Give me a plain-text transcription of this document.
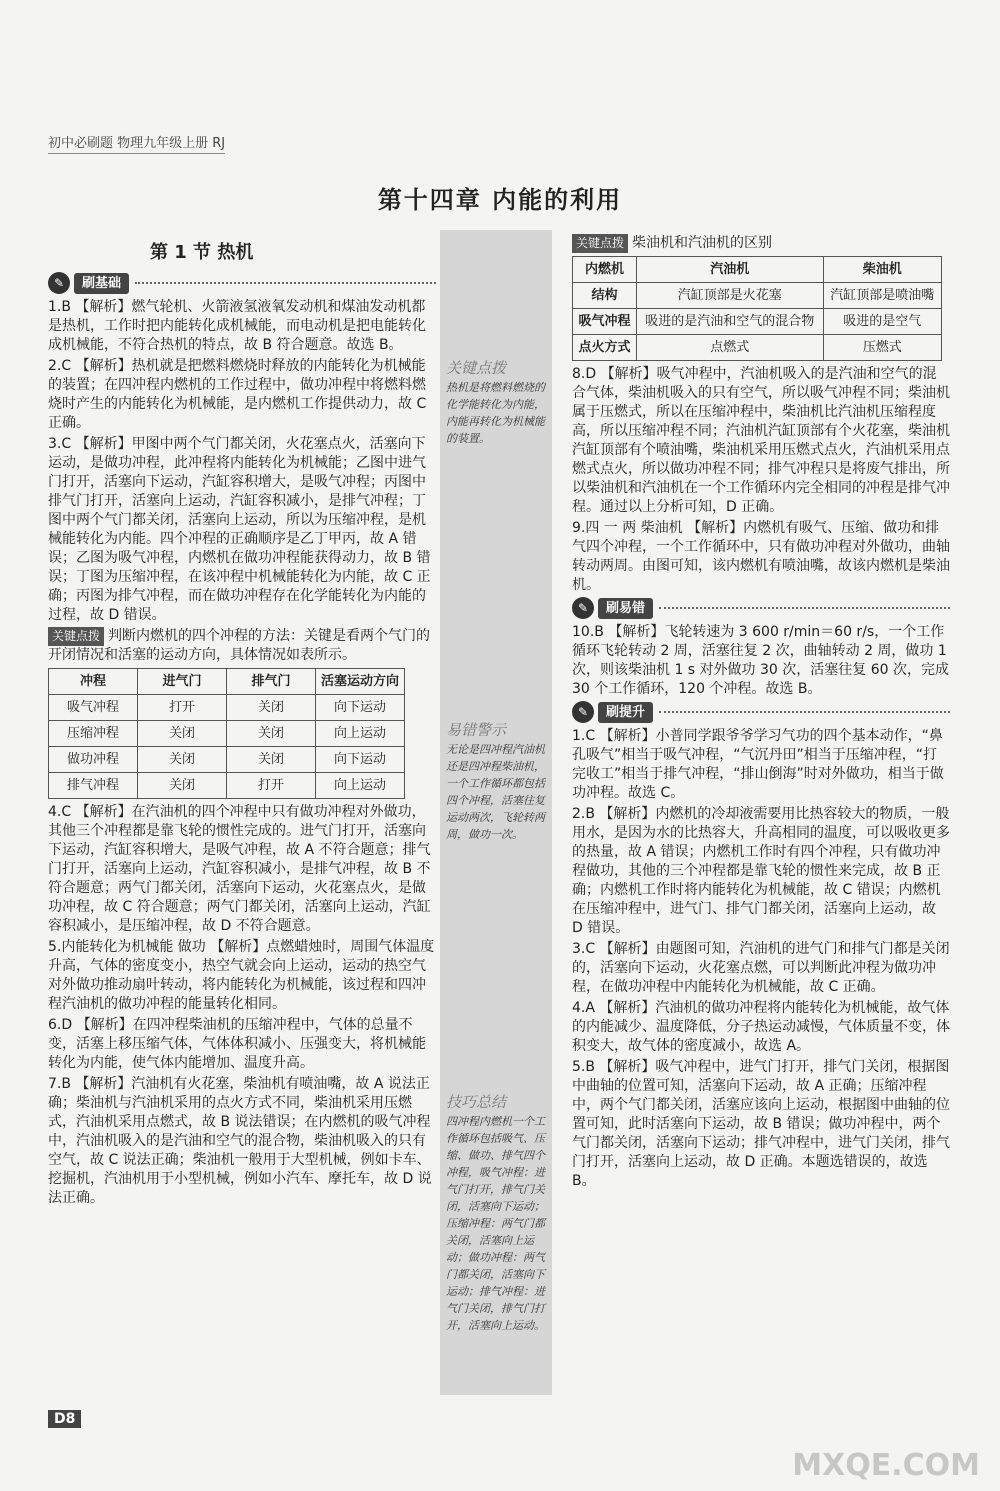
初中必刷题 物理九年级上册 RJ
第十四章 内能的利用
第 1 节 热机
关键点拨
热机是将燃料燃烧的化学能转化为内能，内能再转化为机械能的装置。
易错警示
无论是四冲程汽油机还是四冲程柴油机，一个工作循环都包括四个冲程，活塞往复运动两次，飞轮转两周，做功一次。
技巧总结
四冲程内燃机一个工作循环包括吸气、压缩、做功、排气四个冲程，吸气冲程：进气门打开，排气门关闭，活塞向下运动；压缩冲程：两气门都关闭，活塞向上运动；做功冲程：两气门都关闭，活塞向下运动；排气冲程：进气门关闭，排气门打开，活塞向上运动。
✎	刷基础
1.B 【解析】燃气轮机、火箭液氢液氧发动机和煤油发动机都是热机，工作时把内能转化成机械能，而电动机是把电能转化成机械能，不符合热机的特点，故 B 符合题意。故选 B。
2.C 【解析】热机就是把燃料燃烧时释放的内能转化为机械能的装置；在四冲程内燃机的工作过程中，做功冲程中将燃料燃烧时产生的内能转化为机械能，是内燃机工作提供动力，故 C 正确。
3.C 【解析】甲图中两个气门都关闭，火花塞点火，活塞向下运动，是做功冲程，此冲程将内能转化为机械能；乙图中进气门打开，活塞向下运动，汽缸容积增大，是吸气冲程；丙图中排气门打开，活塞向上运动，汽缸容积减小，是排气冲程；丁图中两个气门都关闭，活塞向上运动，所以为压缩冲程，是机械能转化为内能。四个冲程的正确顺序是乙丁甲丙，故 A 错误；乙图为吸气冲程，内燃机在做功冲程能获得动力，故 B 错误；丁图为压缩冲程，在该冲程中机械能转化为内能，故 C 正确；丙图为排气冲程，而在做功冲程存在化学能转化为内能的过程，故 D 错误。
关键点拨 判断内燃机的四个冲程的方法：关键是看两个气门的开闭情况和活塞的运动方向，具体情况如表所示。
冲程	进气门	排气门	活塞运动方向
吸气冲程	打开	关闭	向下运动
压缩冲程	关闭	关闭	向上运动
做功冲程	关闭	关闭	向下运动
排气冲程	关闭	打开	向上运动
4.C 【解析】在汽油机的四个冲程中只有做功冲程对外做功，其他三个冲程都是靠飞轮的惯性完成的。进气门打开，活塞向下运动，汽缸容积增大，是吸气冲程，故 A 不符合题意；排气门打开，活塞向上运动，汽缸容积减小，是排气冲程，故 B 不符合题意；两气门都关闭，活塞向下运动，火花塞点火，是做功冲程，故 C 符合题意；两气门都关闭，活塞向上运动，汽缸容积减小，是压缩冲程，故 D 不符合题意。
5.内能转化为机械能 做功 【解析】点燃蜡烛时，周围气体温度升高，气体的密度变小，热空气就会向上运动，运动的热空气对外做功推动扇叶转动，将内能转化为机械能，该过程和四冲程汽油机的做功冲程的能量转化相同。
6.D 【解析】在四冲程柴油机的压缩冲程中，气体的总量不变，活塞上移压缩气体，气体体积减小、压强变大，将机械能转化为内能，使气体内能增加、温度升高。
7.B 【解析】汽油机有火花塞，柴油机有喷油嘴，故 A 说法正确；柴油机与汽油机采用的点火方式不同，柴油机采用压燃式，汽油机采用点燃式，故 B 说法错误；在内燃机的吸气冲程中，汽油机吸入的是汽油和空气的混合物，柴油机吸入的只有空气，故 C 说法正确；柴油机一般用于大型机械，例如卡车、挖掘机，汽油机用于小型机械，例如小汽车、摩托车，故 D 说法正确。
关键点拨 柴油机和汽油机的区别
内燃机	汽油机	柴油机
结构	汽缸顶部是火花塞	汽缸顶部是喷油嘴
吸气冲程	吸进的是汽油和空气的混合物	吸进的是空气
点火方式	点燃式	压燃式
8.D 【解析】吸气冲程中，汽油机吸入的是汽油和空气的混合气体，柴油机吸入的只有空气，所以吸气冲程不同；柴油机属于压燃式，所以在压缩冲程中，柴油机比汽油机压缩程度高，所以压缩冲程不同；汽油机汽缸顶部有个火花塞，柴油机汽缸顶部有个喷油嘴，柴油机采用压燃式点火，汽油机采用点燃式点火，所以做功冲程不同；排气冲程只是将废气排出，所以柴油机和汽油机在一个工作循环内完全相同的冲程是排气冲程。通过以上分析可知，D 正确。
9.四 一 两 柴油机 【解析】内燃机有吸气、压缩、做功和排气四个冲程，一个工作循环中，只有做功冲程对外做功，曲轴转动两周。由图可知，该内燃机有喷油嘴，故该内燃机是柴油机。
✎	刷易错
10.B 【解析】飞轮转速为 3 600 r/min＝60 r/s，一个工作循环飞轮转动 2 周，活塞往复 2 次，曲轴转动 2 周，做功 1 次，则该柴油机 1 s 对外做功 30 次，活塞往复 60 次，完成 30 个工作循环，120 个冲程。故选 B。
✎	刷提升
1.C 【解析】小普同学跟爷爷学习气功的四个基本动作，“鼻孔吸气”相当于吸气冲程，“气沉丹田”相当于压缩冲程，“打完收工”相当于排气冲程，“排山倒海”时对外做功，相当于做功冲程。故选 C。
2.B 【解析】内燃机的冷却液需要用比热容较大的物质，一般用水，是因为水的比热容大，升高相同的温度，可以吸收更多的热量，故 A 错误；内燃机工作时有四个冲程，只有做功冲程做功，其他的三个冲程都是靠飞轮的惯性来完成，故 B 正确；内燃机工作时将内能转化为机械能，故 C 错误；内燃机在压缩冲程中，进气门、排气门都关闭，活塞向上运动，故 D 错误。
3.C 【解析】由题图可知，汽油机的进气门和排气门都是关闭的，活塞向下运动，火花塞点燃，可以判断此冲程为做功冲程，在做功冲程中内能转化为机械能，故 C 正确。
4.A 【解析】汽油机的做功冲程将内能转化为机械能，故气体的内能减少、温度降低，分子热运动减慢，气体质量不变，体积变大，故气体的密度减小，故选 A。
5.B 【解析】吸气冲程中，进气门打开，排气门关闭，根据图中曲轴的位置可知，活塞向下运动，故 A 正确；压缩冲程中，两个气门都关闭，活塞应该向上运动，根据图中曲轴的位置可知，此时活塞向下运动，故 B 错误；做功冲程中，两个气门都关闭，活塞向下运动；排气冲程中，进气门关闭，排气门打开，活塞向上运动，故 D 正确。本题选错误的，故选 B。
D8
MXQE.COM
